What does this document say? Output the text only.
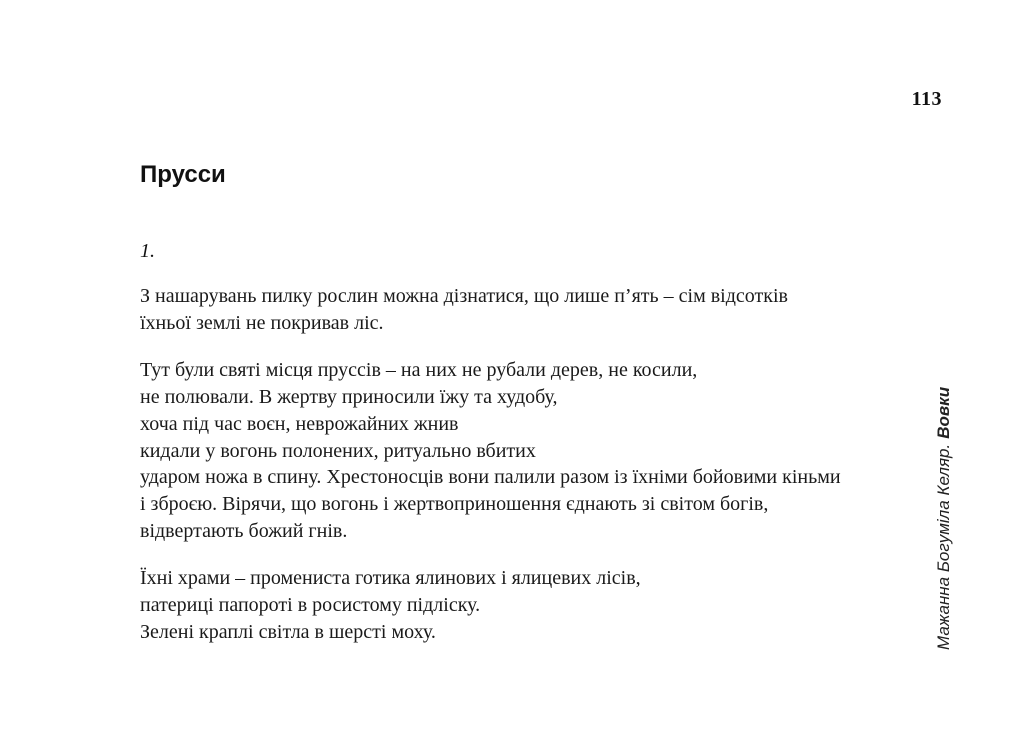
113
Прусси
1.
З нашарувань пилку рослин можна дізнатися, що лише п’ять – сім відсотків
їхньої землі не покривав ліс.
Тут були святі місця пруссів – на них не рубали дерев, не косили,
не полювали. В жертву приносили їжу та худобу,
хоча під час воєн, неврожайних жнив
кидали у вогонь полонених, ритуально вбитих
ударом ножа в спину. Хрестоносців вони палили разом із їхніми бойовими кіньми
і зброєю. Вірячи, що вогонь і жертвоприношення єднають зі світом богів,
відвертають божий гнів.
Їхні храми – промениста готика ялинових і ялицевих лісів,
патериці папороті в росистому підліску.
Зелені краплі світла в шерсті моху.	Мажанна Богуміла Келяр.
Вовки
